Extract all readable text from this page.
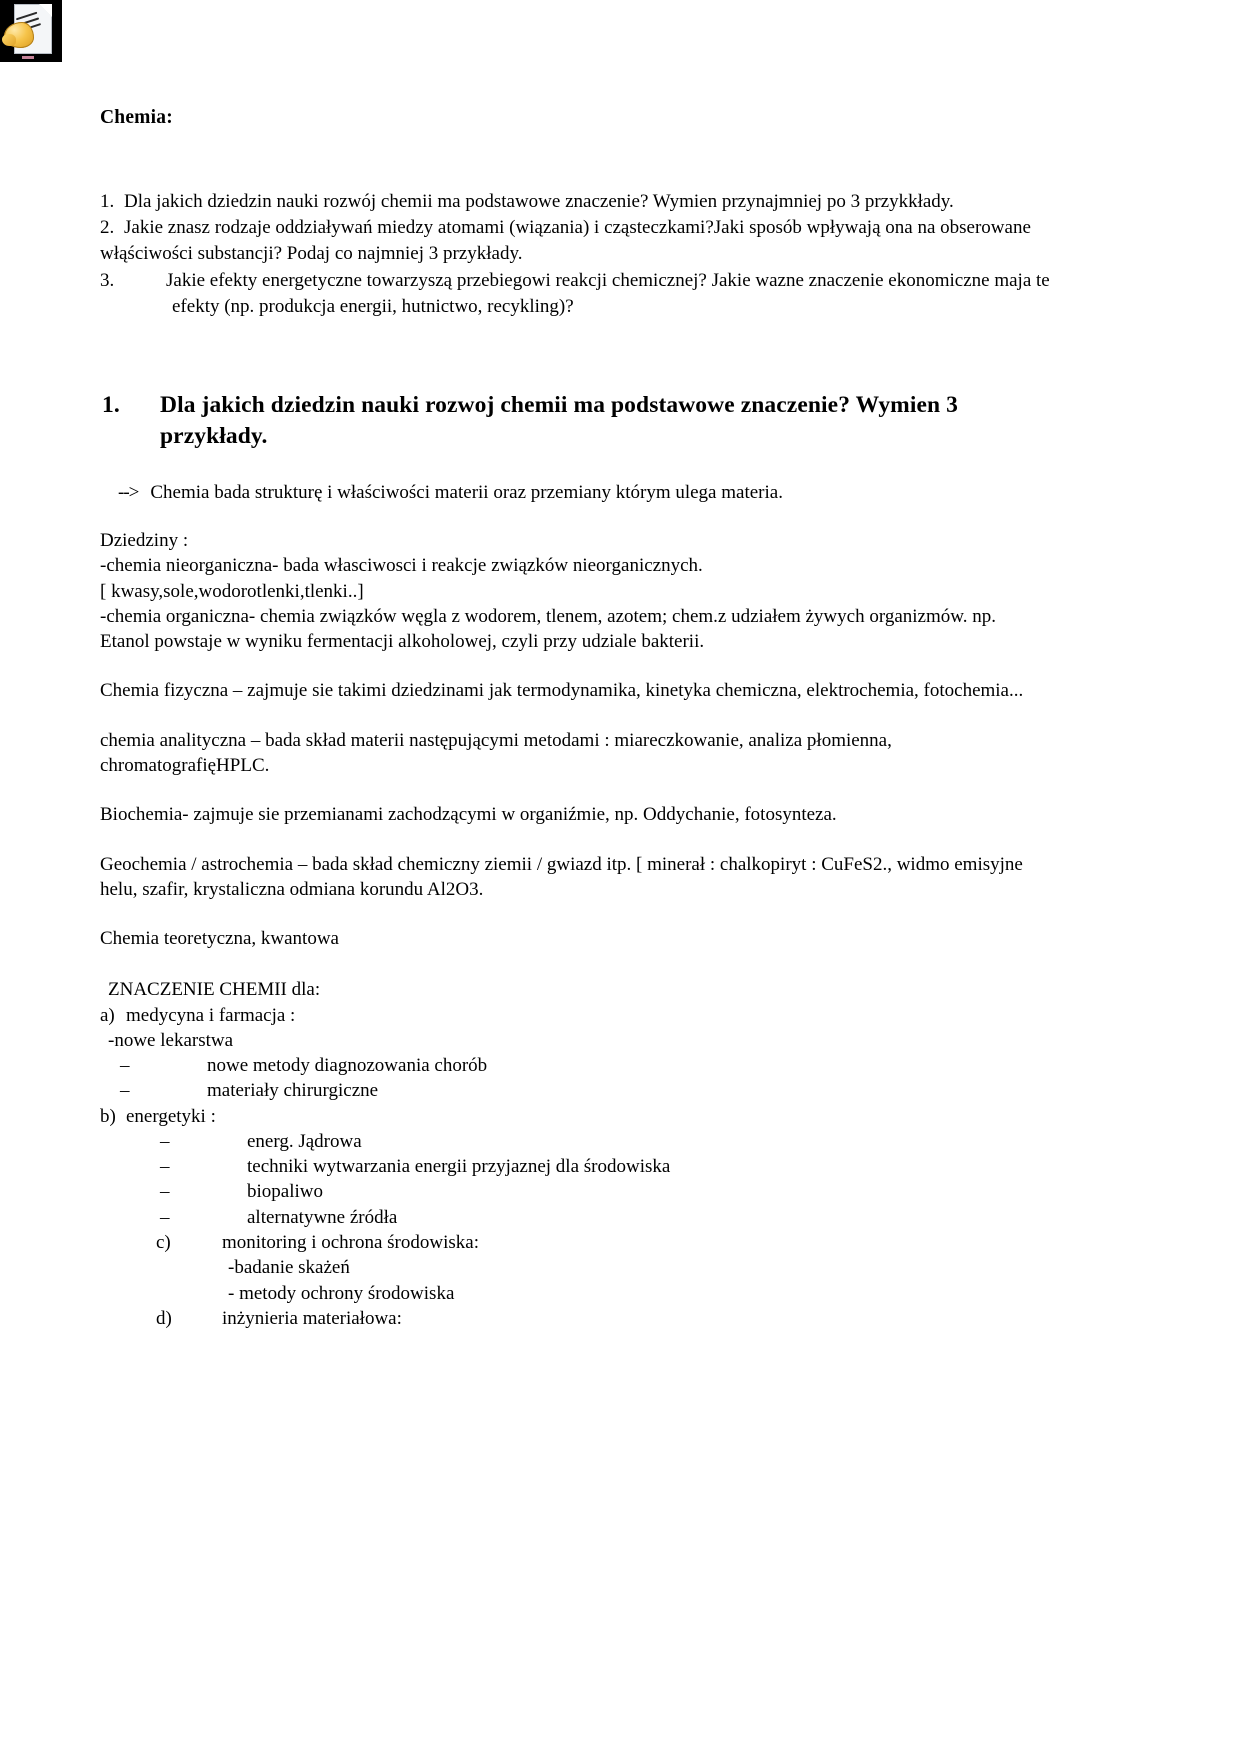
Chemia:

1. Dla jakich dziedzin nauki rozwój chemii ma podstawowe znaczenie? Wymien przynajmniej po 3 przykkłady.

2. Jakie znasz rodzaje oddziaływań miedzy atomami (wiązania) i cząsteczkami?Jaki sposób wpływają ona na obserowane włąściwości substancji? Podaj co najmniej 3 przykłady.

3.	Jakie efekty energetyczne towarzyszą przebiegowi reakcji chemicznej? Jakie wazne znaczenie ekonomiczne maja te efekty (np. produkcja energii, hutnictwo, recykling)?

1. Dla jakich dziedzin nauki rozwoj chemii ma podstawowe znaczenie? Wymien 3 przykłady.

--> Chemia bada strukturę i właściwości materii oraz przemiany którym ulega materia.

Dziedziny :

-chemia nieorganiczna- bada własciwosci i reakcje związków nieorganicznych.

[ kwasy,sole,wodorotlenki,tlenki..]

-chemia organiczna- chemia związków węgla z wodorem, tlenem, azotem; chem.z udziałem żywych organizmów. np. Etanol powstaje w wyniku fermentacji alkoholowej, czyli przy udziale bakterii.

Chemia fizyczna – zajmuje sie takimi dziedzinami jak termodynamika, kinetyka chemiczna, elektrochemia, fotochemia...

chemia analityczna – bada skład materii następującymi metodami : miareczkowanie, analiza płomienna, chromatografięHPLC.

Biochemia- zajmuje sie przemianami zachodzącymi w organiźmie, np. Oddychanie, fotosynteza.

Geochemia / astrochemia – bada skład chemiczny ziemii / gwiazd itp. [ minerał : chalkopiryt : CuFeS2., widmo emisyjne helu, szafir, krystaliczna odmiana korundu Al2O3.

Chemia teoretyczna, kwantowa

ZNACZENIE CHEMII dla:

a) medycyna i farmacja :

-nowe lekarstwa

–	nowe metody diagnozowania chorób

–	materiały chirurgiczne

b) energetyki :

–	energ. Jądrowa

–	techniki wytwarzania energii przyjaznej dla środowiska

–	biopaliwo

–	alternatywne źródła

c)	monitoring i ochrona środowiska:

-badanie skażeń

- metody ochrony środowiska

d)	inżynieria materiałowa:
